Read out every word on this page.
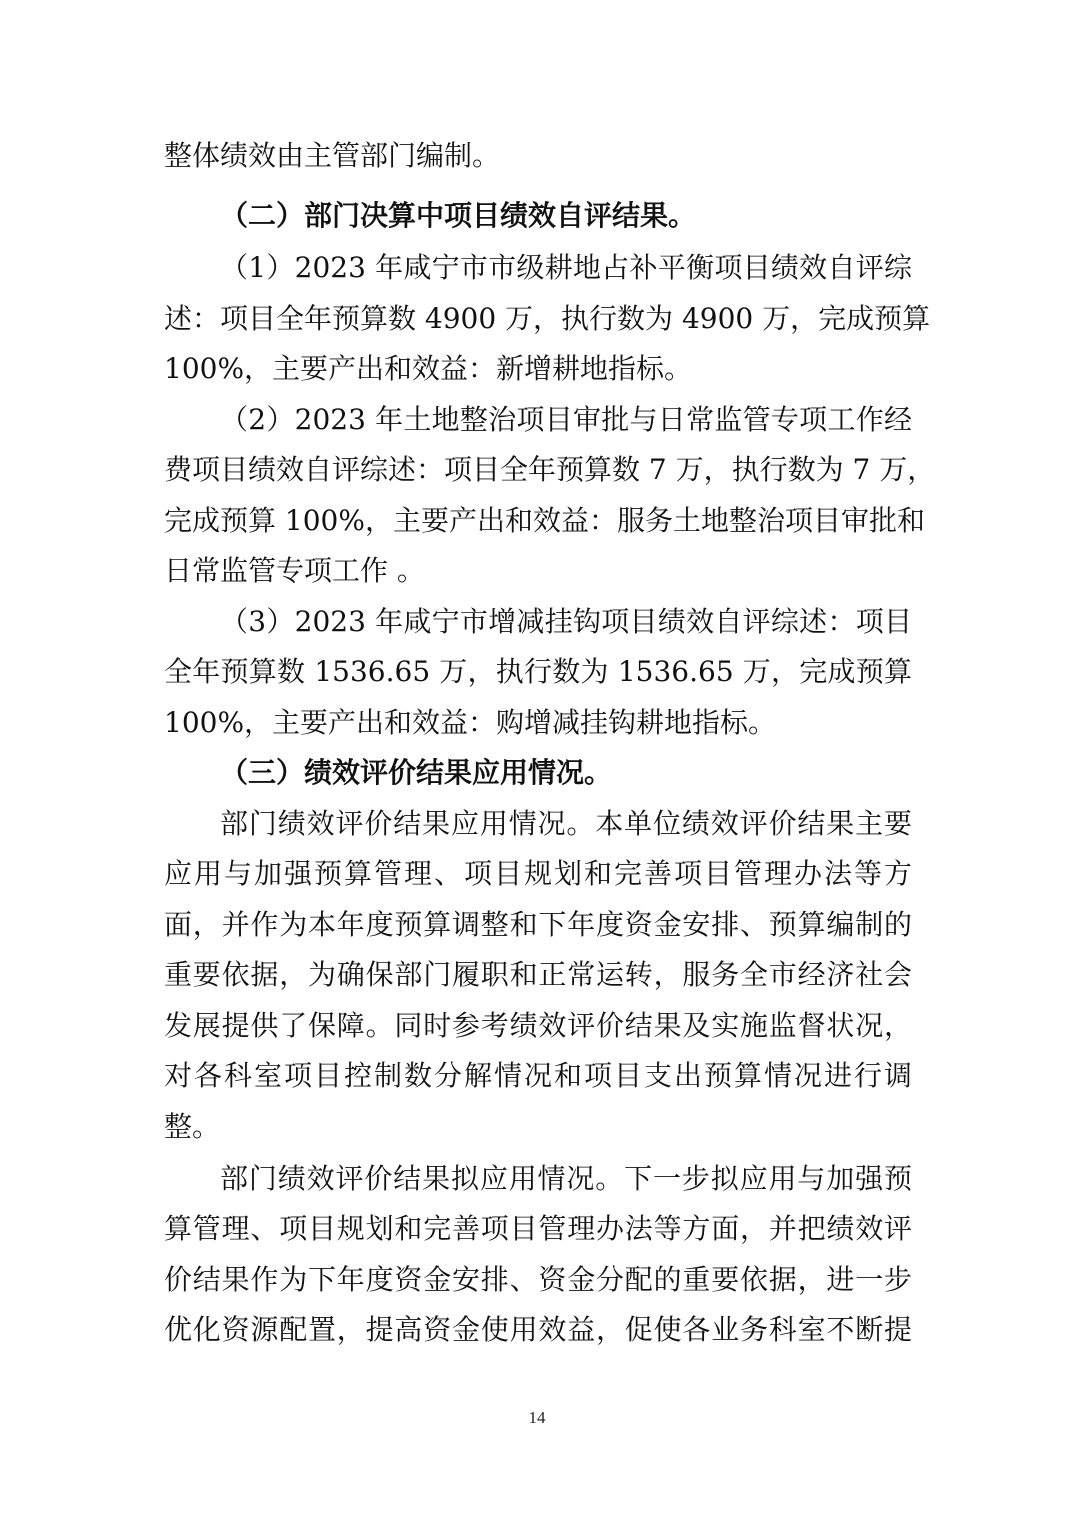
整体绩效由主管部门编制。
（二）部门决算中项目绩效自评结果。
（1）2023 年咸宁市市级耕地占补平衡项目绩效自评综
述：项目全年预算数 4900 万，执行数为 4900 万，完成预算
100%，主要产出和效益：新增耕地指标。
（2）2023 年土地整治项目审批与日常监管专项工作经
费项目绩效自评综述：项目全年预算数 7 万，执行数为 7 万，
完成预算 100%，主要产出和效益：服务土地整治项目审批和
日常监管专项工作 。
（3）2023 年咸宁市增减挂钩项目绩效自评综述：项目
全年预算数 1536.65 万，执行数为 1536.65 万，完成预算
100%，主要产出和效益：购增减挂钩耕地指标。
（三）绩效评价结果应用情况。
部门绩效评价结果应用情况。本单位绩效评价结果主要
应用与加强预算管理、项目规划和完善项目管理办法等方
面，并作为本年度预算调整和下年度资金安排、预算编制的
重要依据，为确保部门履职和正常运转，服务全市经济社会
发展提供了保障。同时参考绩效评价结果及实施监督状况，
对各科室项目控制数分解情况和项目支出预算情况进行调
整。
部门绩效评价结果拟应用情况。下一步拟应用与加强预
算管理、项目规划和完善项目管理办法等方面，并把绩效评
价结果作为下年度资金安排、资金分配的重要依据，进一步
优化资源配置，提高资金使用效益，促使各业务科室不断提
14
